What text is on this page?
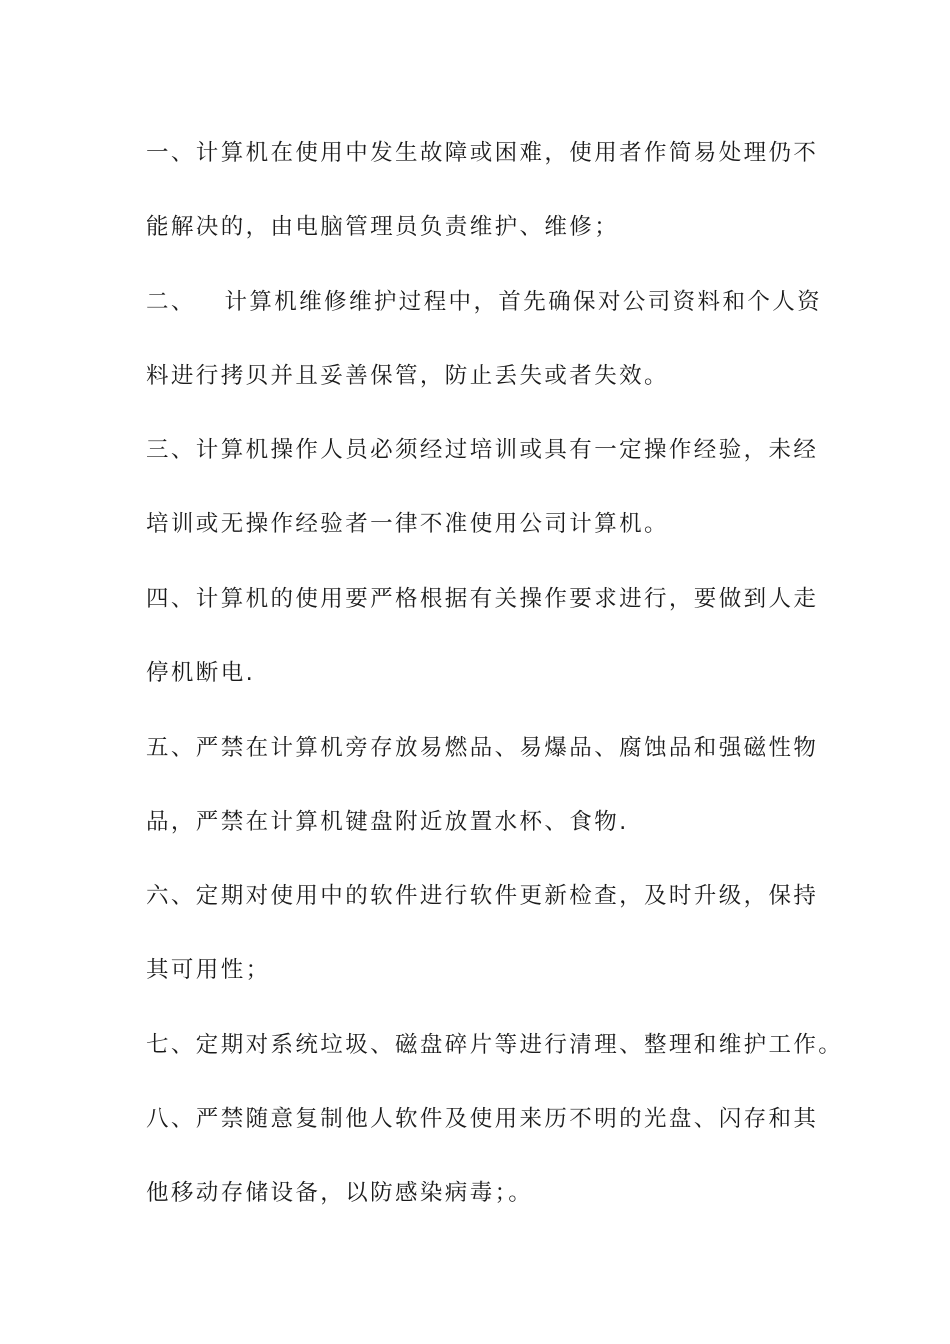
一、计算机在使用中发生故障或困难，使用者作简易处理仍不
能解决的，由电脑管理员负责维护、维修；
二、   计算机维修维护过程中，首先确保对公司资料和个人资
料进行拷贝并且妥善保管，防止丢失或者失效。
三、计算机操作人员必须经过培训或具有一定操作经验，未经
培训或无操作经验者一律不准使用公司计算机。
四、计算机的使用要严格根据有关操作要求进行，要做到人走
停机断电.
五、严禁在计算机旁存放易燃品、易爆品、腐蚀品和强磁性物
品，严禁在计算机键盘附近放置水杯、食物.
六、定期对使用中的软件进行软件更新检查，及时升级，保持
其可用性；
七、定期对系统垃圾、磁盘碎片等进行清理、整理和维护工作。
八、严禁随意复制他人软件及使用来历不明的光盘、闪存和其
他移动存储设备，以防感染病毒；。
